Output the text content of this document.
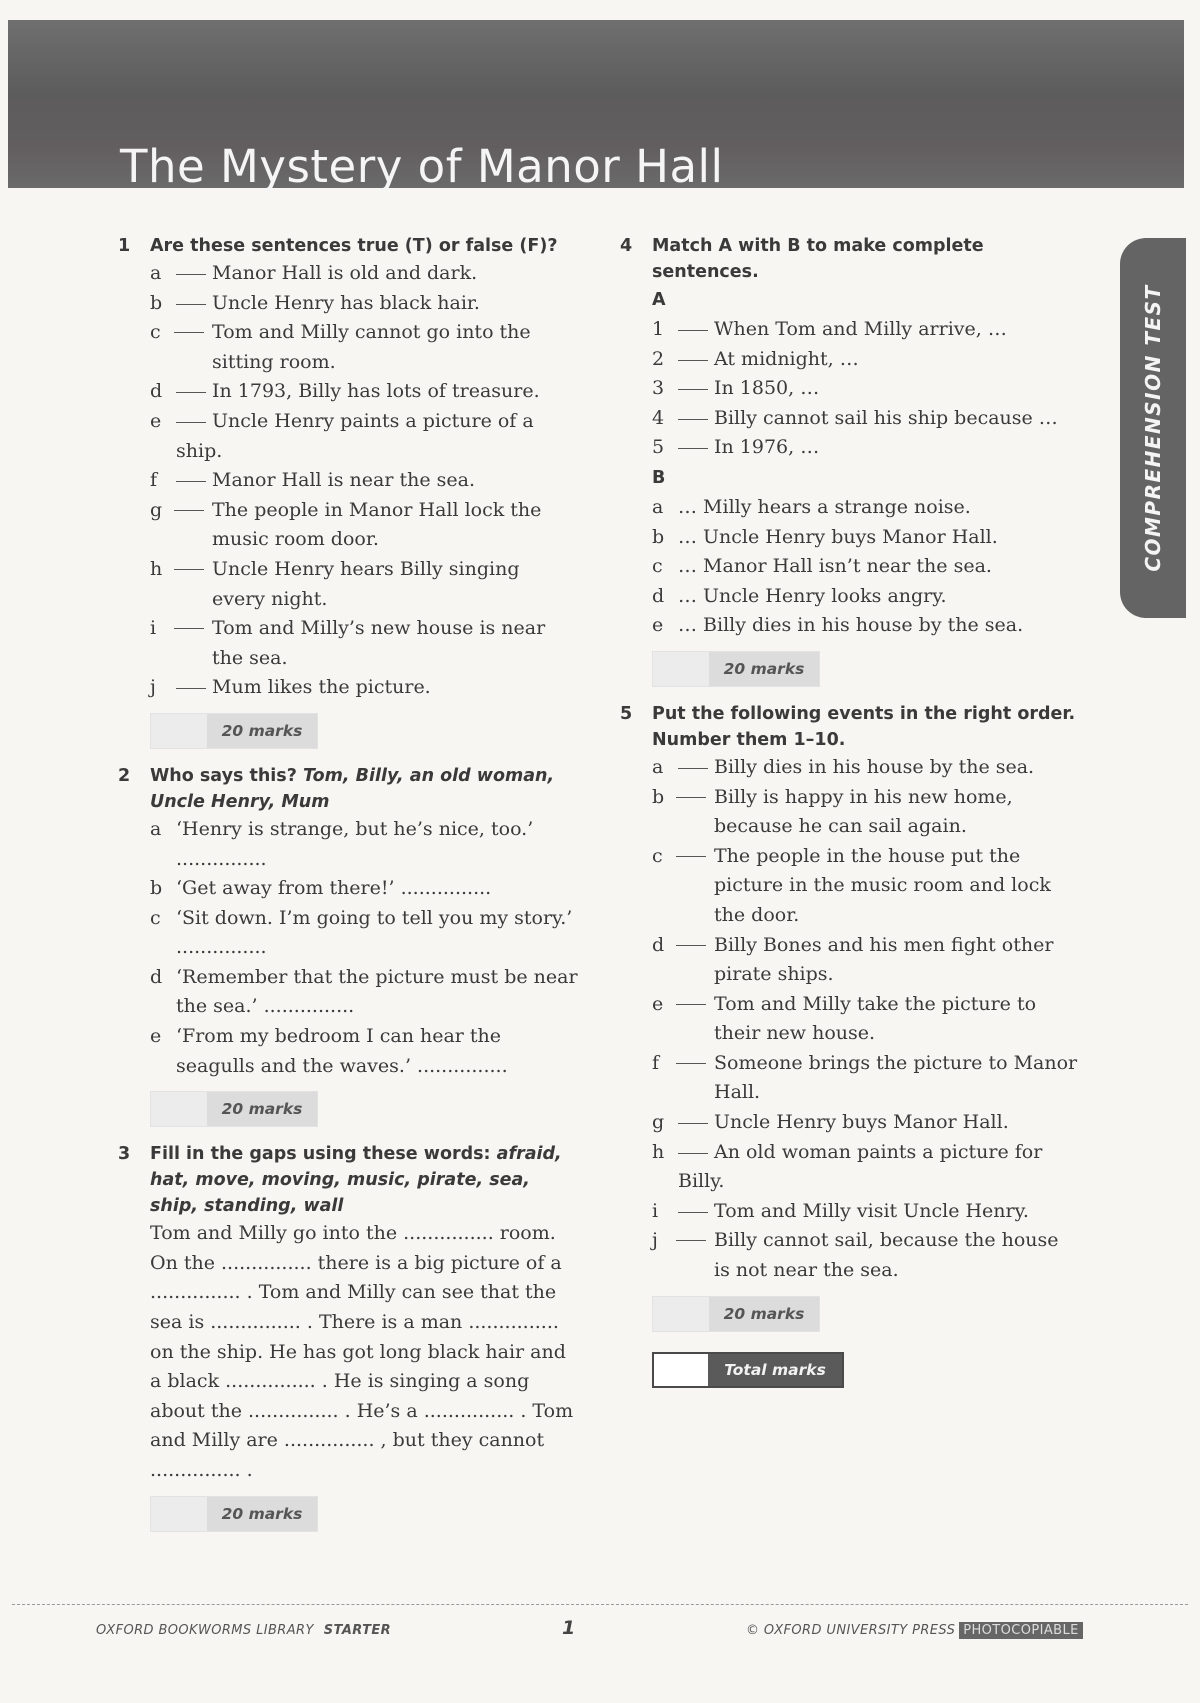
The Mystery of Manor Hall
COMPREHENSION TEST
1	Are these sentences true (T) or false (F)?
a	Manor Hall is old and dark.
b	Uncle Henry has black hair.
c	Tom and Milly cannot go into the sitting room.
d	In 1793, Billy has lots of treasure.
e	Uncle Henry paints a picture of a ship.
f	Manor Hall is near the sea.
g	The people in Manor Hall lock the music room door.
h	Uncle Henry hears Billy singing every night.
i	Tom and Milly’s new house is near the sea.
j	Mum likes the picture.
20 marks
2	Who says this? Tom, Billy, an old woman, Uncle Henry, Mum
a ‘Henry is strange, but he’s nice, too.’ ...............
b ‘Get away from there!’ ...............
c ‘Sit down. I’m going to tell you my story.’ ...............
d ‘Remember that the picture must be near the sea.’ ...............
e ‘From my bedroom I can hear the seagulls and the waves.’ ...............
20 marks
3	Fill in the gaps using these words: afraid, hat, move, moving, music, pirate, sea, ship, standing, wall
Tom and Milly go into the ............... room. On the ............... there is a big picture of a ............... . Tom and Milly can see that the sea is ............... . There is a man ............... on the ship. He has got long black hair and a black ............... . He is singing a song about the ............... . He’s a ............... . Tom and Milly are ............... , but they cannot ............... .
20 marks
4	Match A with B to make complete sentences.
A
1	When Tom and Milly arrive, …
2	At midnight, …
3	In 1850, …
4	Billy cannot sail his ship because …
5	In 1976, …
B
a … Milly hears a strange noise.
b … Uncle Henry buys Manor Hall.
c … Manor Hall isn’t near the sea.
d … Uncle Henry looks angry.
e … Billy dies in his house by the sea.
20 marks
5	Put the following events in the right order. Number them 1–10.
a	Billy dies in his house by the sea.
b	Billy is happy in his new home, because he can sail again.
c	The people in the house put the picture in the music room and lock the door.
d	Billy Bones and his men fight other pirate ships.
e	Tom and Milly take the picture to their new house.
f	Someone brings the picture to Manor Hall.
g	Uncle Henry buys Manor Hall.
h	An old woman paints a picture for Billy.
i	Tom and Milly visit Uncle Henry.
j	Billy cannot sail, because the house is not near the sea.
20 marks
Total marks
OXFORD BOOKWORMS LIBRARY STARTER	1	© OXFORD UNIVERSITY PRESS PHOTOCOPIABLE
